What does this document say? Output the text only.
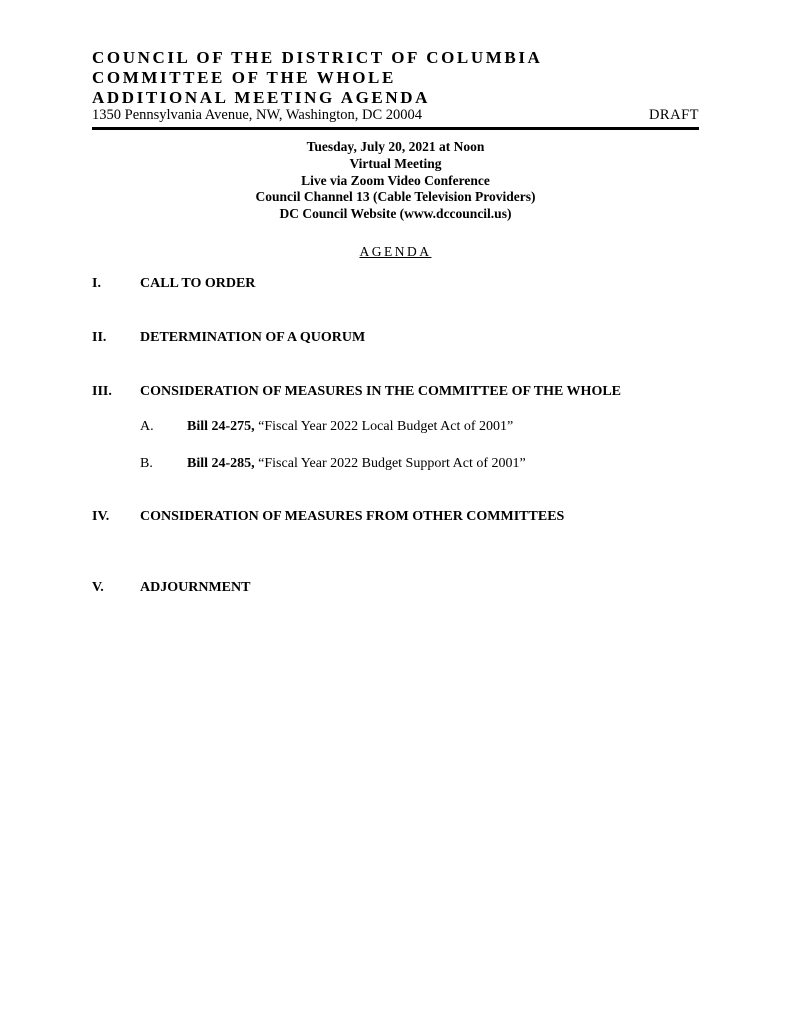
COUNCIL OF THE DISTRICT OF COLUMBIA
COMMITTEE OF THE WHOLE
ADDITIONAL MEETING AGENDA
1350 Pennsylvania Avenue, NW, Washington, DC 20004	DRAFT
Tuesday, July 20, 2021 at Noon
Virtual Meeting
Live via Zoom Video Conference
Council Channel 13 (Cable Television Providers)
DC Council Website (www.dccouncil.us)
AGENDA
I.	CALL TO ORDER
II. DETERMINATION OF A QUORUM
III. CONSIDERATION OF MEASURES IN THE COMMITTEE OF THE WHOLE
A. Bill 24-275, “Fiscal Year 2022 Local Budget Act of 2001”
B. Bill 24-285, “Fiscal Year 2022 Budget Support Act of 2001”
IV. CONSIDERATION OF MEASURES FROM OTHER COMMITTEES
V.	ADJOURNMENT
